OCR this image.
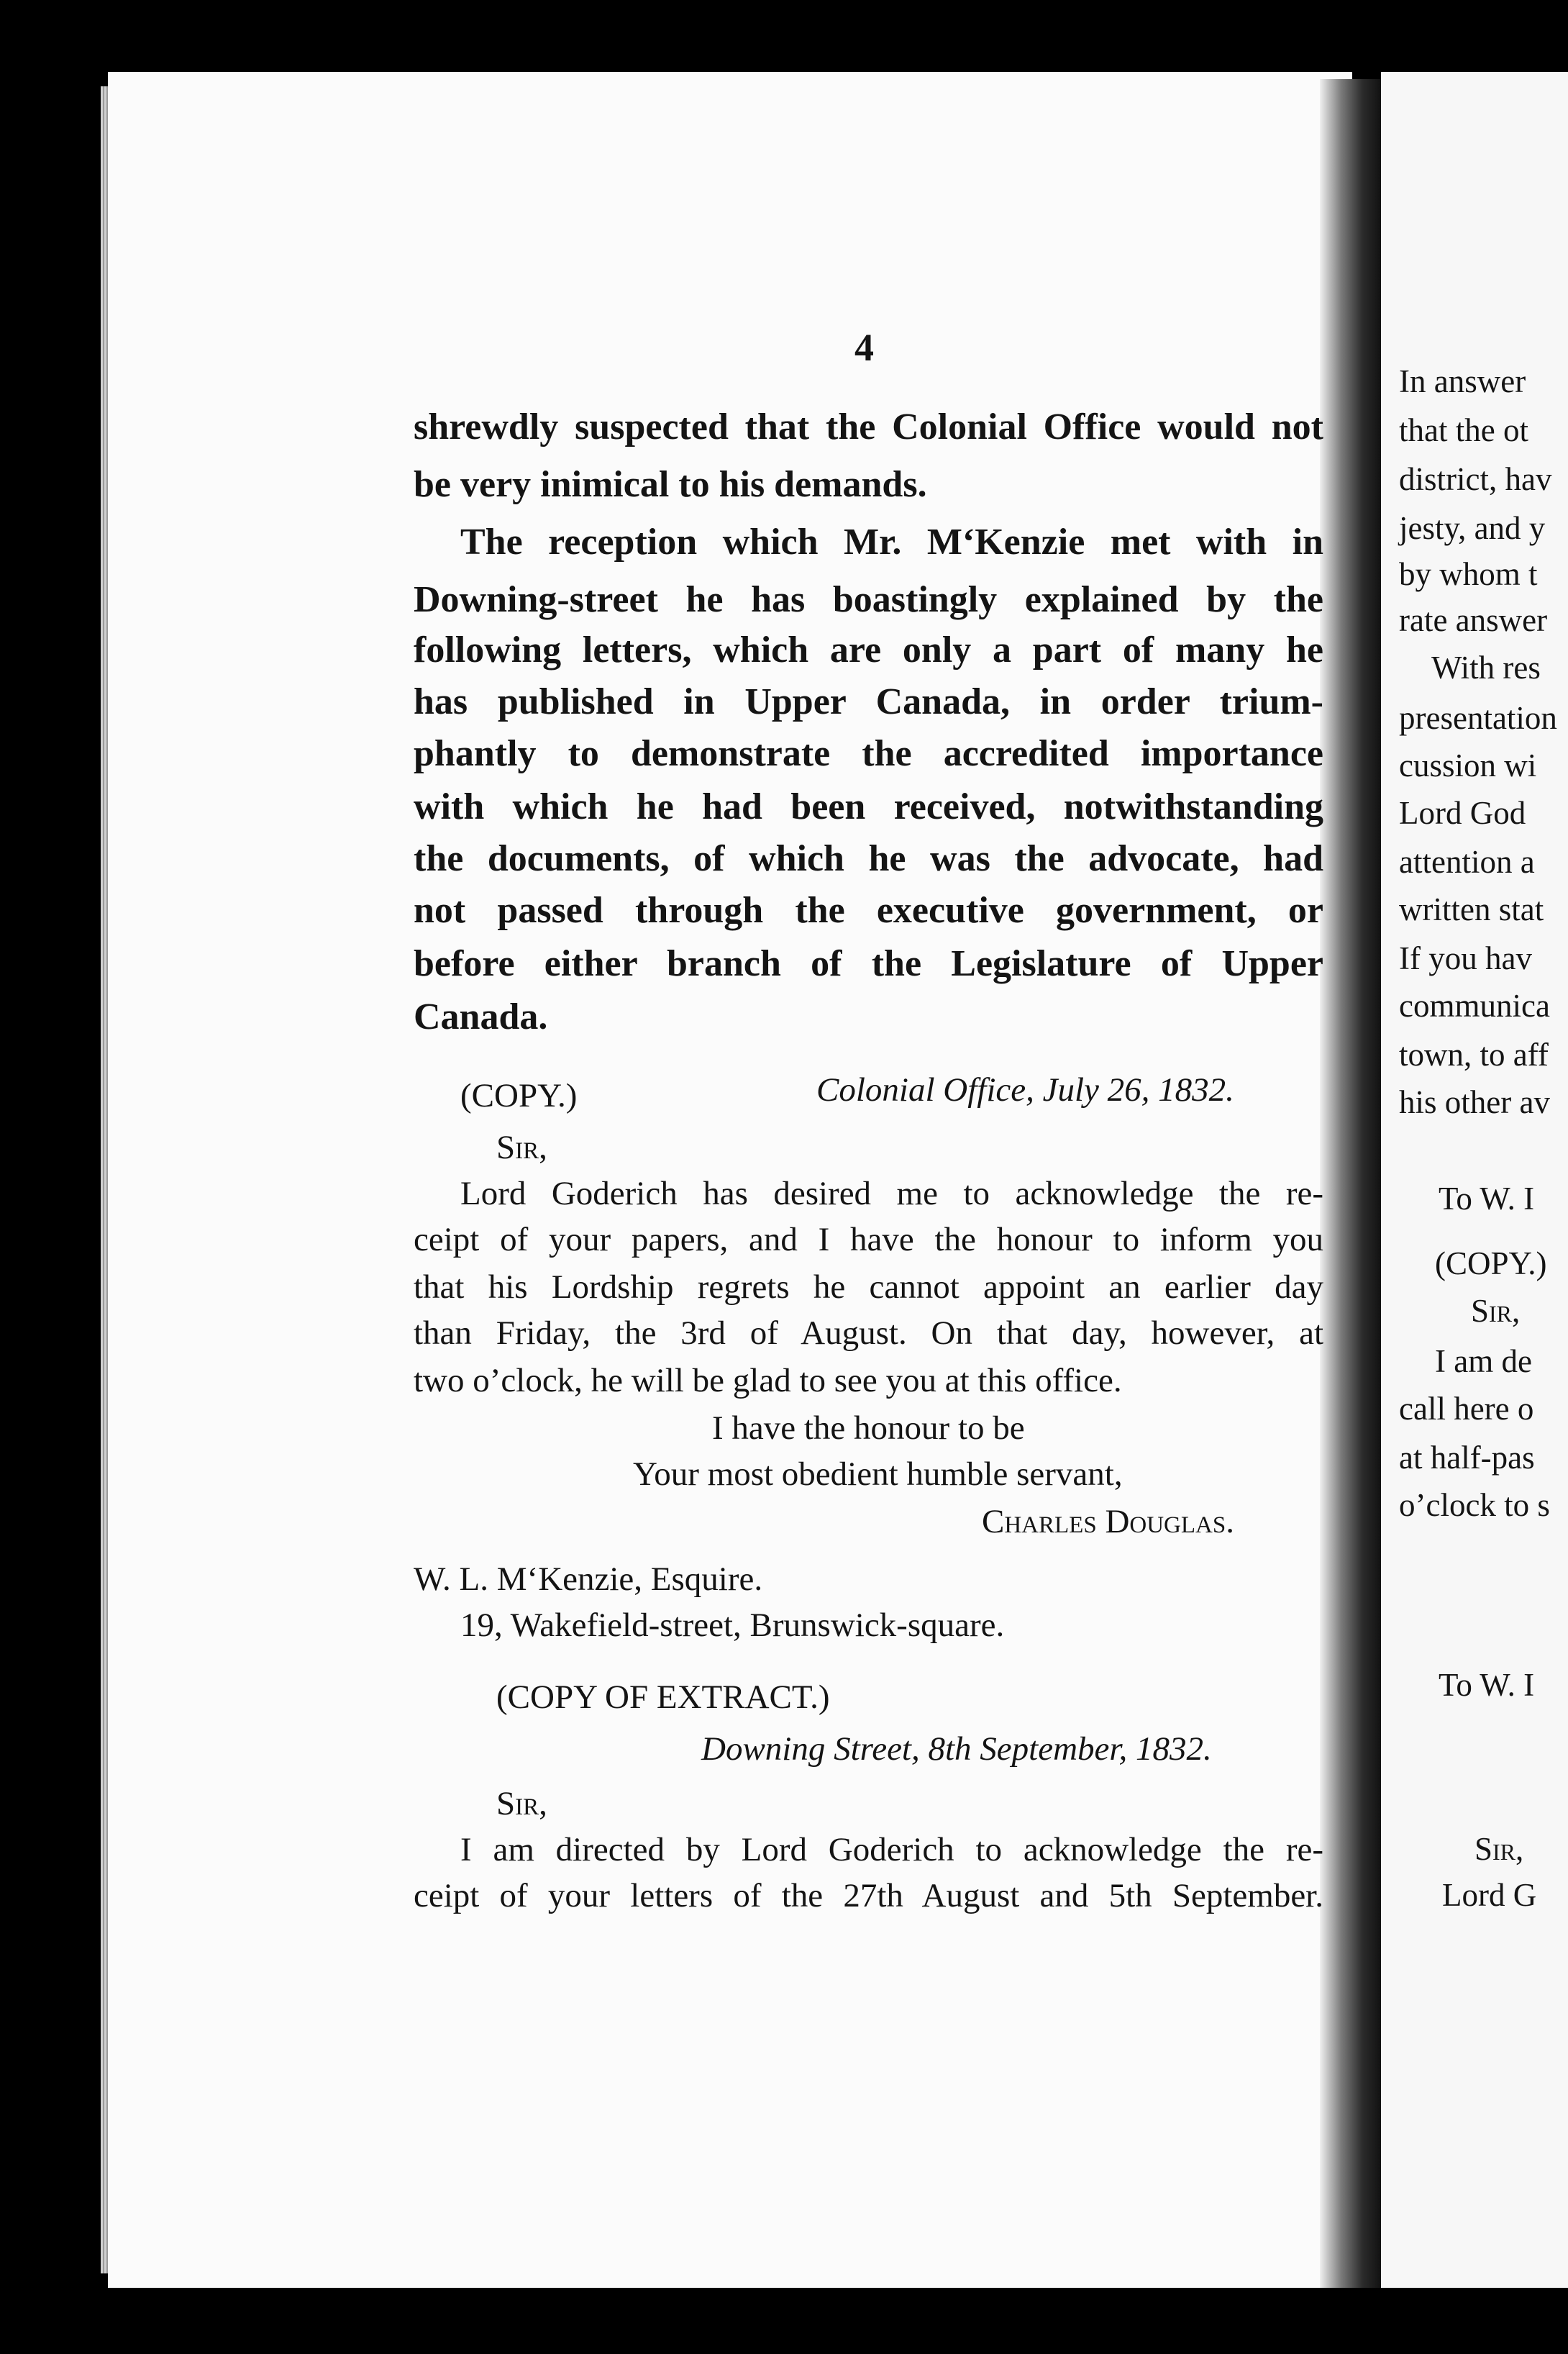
4
shrewdly suspected that the Colonial Office would not
be very inimical to his demands.
The reception which Mr. M‘Kenzie met with in
Downing-street he has boastingly explained by the
following letters, which are only a part of many he
has published in Upper Canada, in order trium-
phantly to demonstrate the accredited importance
with which he had been received, notwithstanding
the documents, of which he was the advocate, had
not passed through the executive government, or
before either branch of the Legislature of Upper
Canada.
(COPY.)	Colonial Office, July 26, 1832.
Sir,
Lord Goderich has desired me to acknowledge the re-
ceipt of your papers, and I have the honour to inform you
that his Lordship regrets he cannot appoint an earlier day
than Friday, the 3rd of August. On that day, however, at
two o’clock, he will be glad to see you at this office.
I have the honour to be
Your most obedient humble servant,
Charles Douglas.
W. L. M‘Kenzie, Esquire.
19, Wakefield-street, Brunswick-square.
(COPY OF EXTRACT.)
Downing Street, 8th September, 1832.
Sir,
I am directed by Lord Goderich to acknowledge the re-
ceipt of your letters of the 27th August and 5th September.
In answer
that the ot
district, hav
jesty, and y
by whom t
rate answer
With res
presentation
cussion wi
Lord God
attention a
written stat
If you hav
communica
town, to aff
his other av
To W. I
(COPY.)
Sir,
I am de
call here o
at half-pas
o’clock to s
To W. I
Sir,
Lord G
